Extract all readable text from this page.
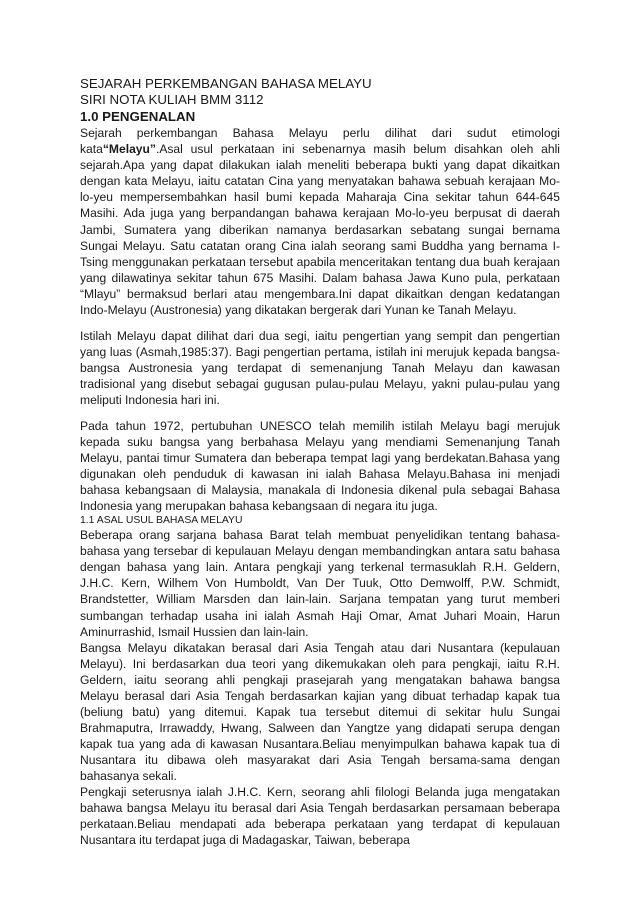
SEJARAH PERKEMBANGAN BAHASA MELAYU
SIRI NOTA KULIAH BMM 3112
1.0 PENGENALAN

Sejarah perkembangan Bahasa Melayu perlu dilihat dari sudut etimologi kata“Melayu”.Asal usul perkataan ini sebenarnya masih belum disahkan oleh ahli sejarah.Apa yang dapat dilakukan ialah meneliti beberapa bukti yang dapat dikaitkan dengan kata Melayu, iaitu catatan Cina yang menyatakan bahawa sebuah kerajaan Mo-lo-yeu mempersembahkan hasil bumi kepada Maharaja Cina sekitar tahun 644-645 Masihi. Ada juga yang berpandangan bahawa kerajaan Mo-lo-yeu berpusat di daerah Jambi, Sumatera yang diberikan namanya berdasarkan sebatang sungai bernama Sungai Melayu. Satu catatan orang Cina ialah seorang sami Buddha yang bernama I-Tsing menggunakan perkataan tersebut apabila menceritakan tentang dua buah kerajaan yang dilawatinya sekitar tahun 675 Masihi. Dalam bahasa Jawa Kuno pula, perkataan “Mlayu” bermaksud berlari atau mengembara.Ini dapat dikaitkan dengan kedatangan Indo-Melayu (Austronesia) yang dikatakan bergerak dari Yunan ke Tanah Melayu.

Istilah Melayu dapat dilihat dari dua segi, iaitu pengertian yang sempit dan pengertian yang luas (Asmah,1985:37). Bagi pengertian pertama, istilah ini merujuk kepada bangsa-bangsa Austronesia yang terdapat di semenanjung Tanah Melayu dan kawasan tradisional yang disebut sebagai gugusan pulau-pulau Melayu, yakni pulau-pulau yang meliputi Indonesia hari ini.

Pada tahun 1972, pertubuhan UNESCO telah memilih istilah Melayu bagi merujuk kepada suku bangsa yang berbahasa Melayu yang mendiami Semenanjung Tanah Melayu, pantai timur Sumatera dan beberapa tempat lagi yang berdekatan.Bahasa yang digunakan oleh penduduk di kawasan ini ialah Bahasa Melayu.Bahasa ini menjadi bahasa kebangsaan di Malaysia, manakala di Indonesia dikenal pula sebagai Bahasa Indonesia yang merupakan bahasa kebangsaan di negara itu juga.

1.1 ASAL USUL BAHASA MELAYU

Beberapa orang sarjana bahasa Barat telah membuat penyelidikan tentang bahasa-bahasa yang tersebar di kepulauan Melayu dengan membandingkan antara satu bahasa dengan bahasa yang lain. Antara pengkaji yang terkenal termasuklah R.H. Geldern, J.H.C. Kern, Wilhem Von Humboldt, Van Der Tuuk, Otto Demwolff, P.W. Schmidt, Brandstetter, William Marsden dan lain-lain. Sarjana tempatan yang turut memberi sumbangan terhadap usaha ini ialah Asmah Haji Omar, Amat Juhari Moain, Harun Aminurrashid, Ismail Hussien dan lain-lain.

Bangsa Melayu dikatakan berasal dari Asia Tengah atau dari Nusantara (kepulauan Melayu). Ini berdasarkan dua teori yang dikemukakan oleh para pengkaji, iaitu R.H. Geldern, iaitu seorang ahli pengkaji prasejarah yang mengatakan bahawa bangsa Melayu berasal dari Asia Tengah berdasarkan kajian yang dibuat terhadap kapak tua (beliung batu) yang ditemui. Kapak tua tersebut ditemui di sekitar hulu Sungai Brahmaputra, Irrawaddy, Hwang, Salween dan Yangtze yang didapati serupa dengan kapak tua yang ada di kawasan Nusantara.Beliau menyimpulkan bahawa kapak tua di Nusantara itu dibawa oleh masyarakat dari Asia Tengah bersama-sama dengan bahasanya sekali.

Pengkaji seterusnya ialah J.H.C. Kern, seorang ahli filologi Belanda juga mengatakan bahawa bangsa Melayu itu berasal dari Asia Tengah berdasarkan persamaan beberapa perkataan.Beliau mendapati ada beberapa perkataan yang terdapat di kepulauan Nusantara itu terdapat juga di Madagaskar, Taiwan, beberapa
